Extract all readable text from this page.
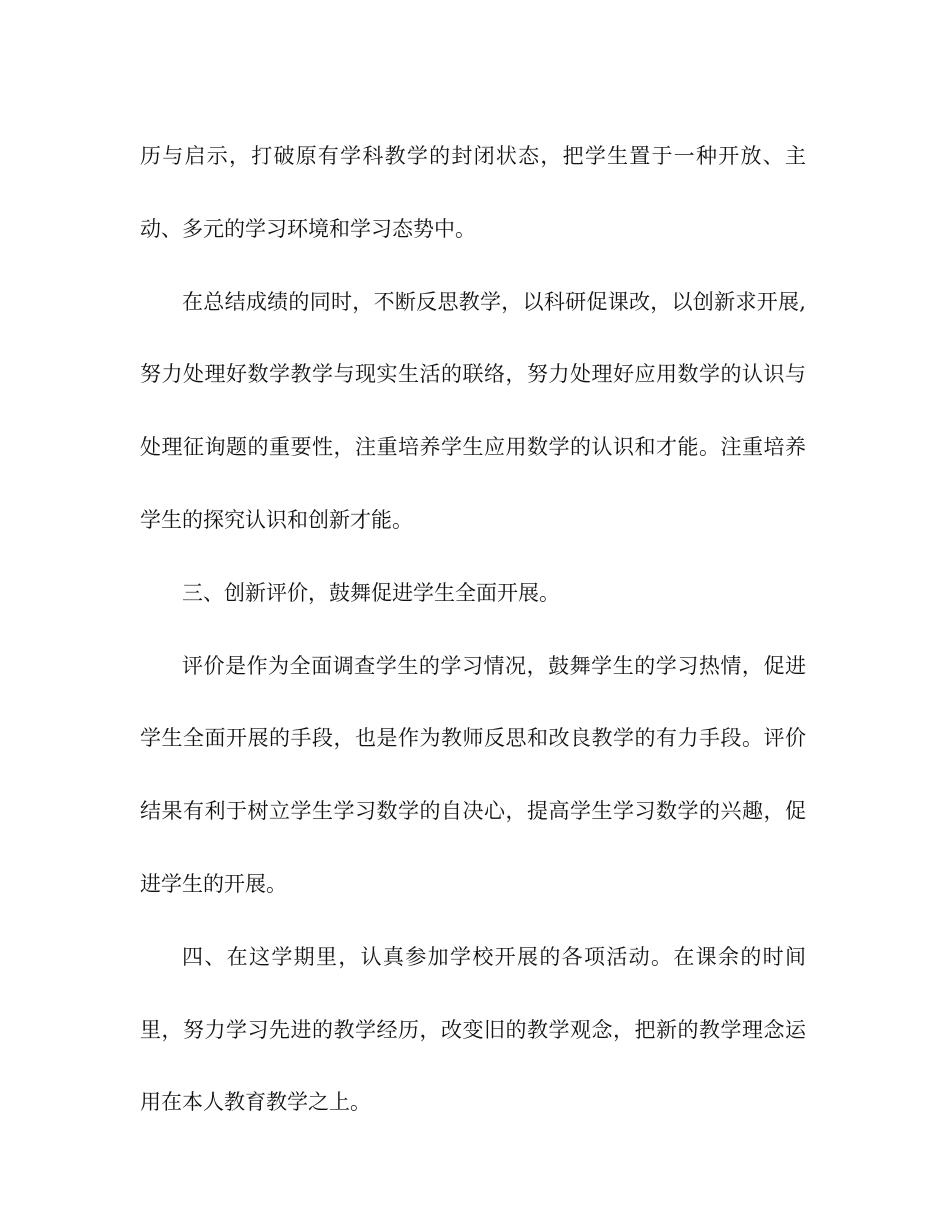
历与启示，打破原有学科教学的封闭状态，把学生置于一种开放、主动、多元的学习环境和学习态势中。

在总结成绩的同时，不断反思教学，以科研促课改，以创新求开展,努力处理好数学教学与现实生活的联络，努力处理好应用数学的认识与处理征询题的重要性，注重培养学生应用数学的认识和才能。注重培养学生的探究认识和创新才能。

三、创新评价，鼓舞促进学生全面开展。

评价是作为全面调查学生的学习情况，鼓舞学生的学习热情，促进学生全面开展的手段，也是作为教师反思和改良教学的有力手段。评价结果有利于树立学生学习数学的自决心，提高学生学习数学的兴趣，促进学生的开展。

四、在这学期里，认真参加学校开展的各项活动。在课余的时间里，努力学习先进的教学经历，改变旧的教学观念，把新的教学理念运用在本人教育教学之上。
